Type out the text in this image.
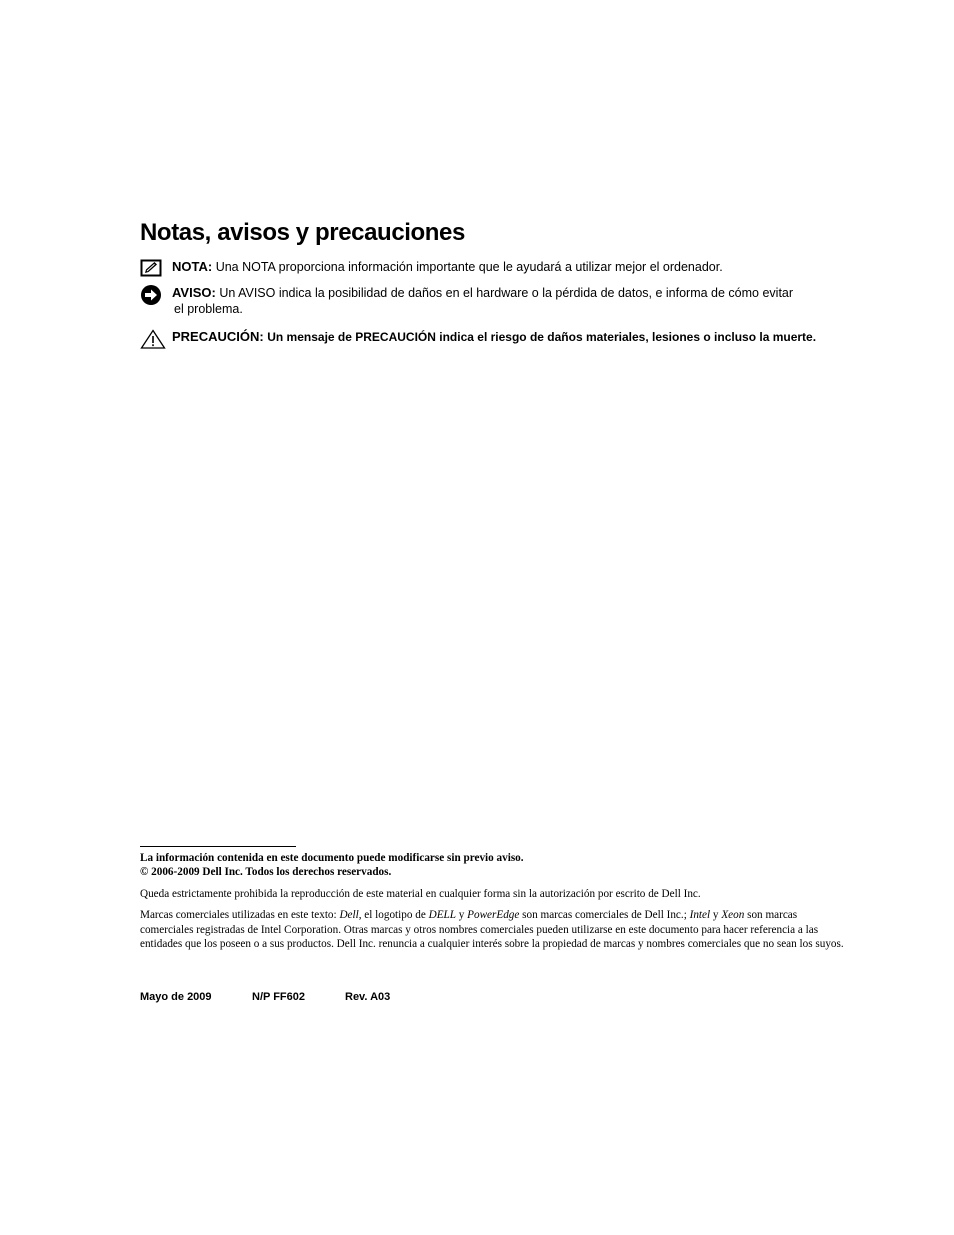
Notas, avisos y precauciones
NOTA: Una NOTA proporciona información importante que le ayudará a utilizar mejor el ordenador.
AVISO: Un AVISO indica la posibilidad de daños en el hardware o la pérdida de datos, e informa de cómo evitar
el problema.
PRECAUCIÓN: Un mensaje de PRECAUCIÓN indica el riesgo de daños materiales, lesiones o incluso la muerte.
La información contenida en este documento puede modificarse sin previo aviso.
© 2006-2009 Dell Inc. Todos los derechos reservados.
Queda estrictamente prohibida la reproducción de este material en cualquier forma sin la autorización por escrito de Dell Inc.
Marcas comerciales utilizadas en este texto: Dell, el logotipo de DELL y PowerEdge son marcas comerciales de Dell Inc.; Intel y Xeon son marcas comerciales registradas de Intel Corporation. Otras marcas y otros nombres comerciales pueden utilizarse en este documento para hacer referencia a las entidades que los poseen o a sus productos. Dell Inc. renuncia a cualquier interés sobre la propiedad de marcas y nombres comerciales que no sean los suyos.
Mayo de 2009	N/P FF602	Rev. A03
